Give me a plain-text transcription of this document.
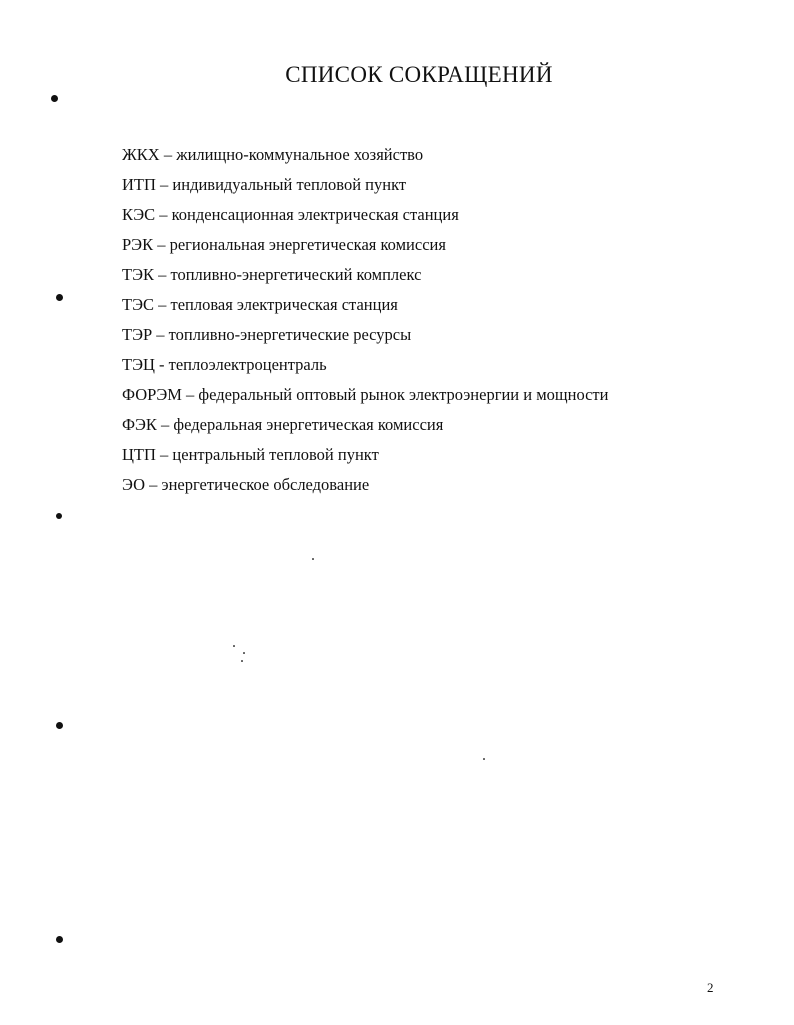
СПИСОК СОКРАЩЕНИЙ
ЖКХ – жилищно-коммунальное хозяйство
ИТП – индивидуальный тепловой пункт
КЭС – конденсационная электрическая станция
РЭК – региональная энергетическая комиссия
ТЭК – топливно-энергетический комплекс
ТЭС – тепловая электрическая станция
ТЭР – топливно-энергетические ресурсы
ТЭЦ - теплоэлектроцентраль
ФОРЭМ – федеральный оптовый рынок электроэнергии и мощности
ФЭК – федеральная энергетическая комиссия
ЦТП – центральный тепловой пункт
ЭО – энергетическое обследование
2
